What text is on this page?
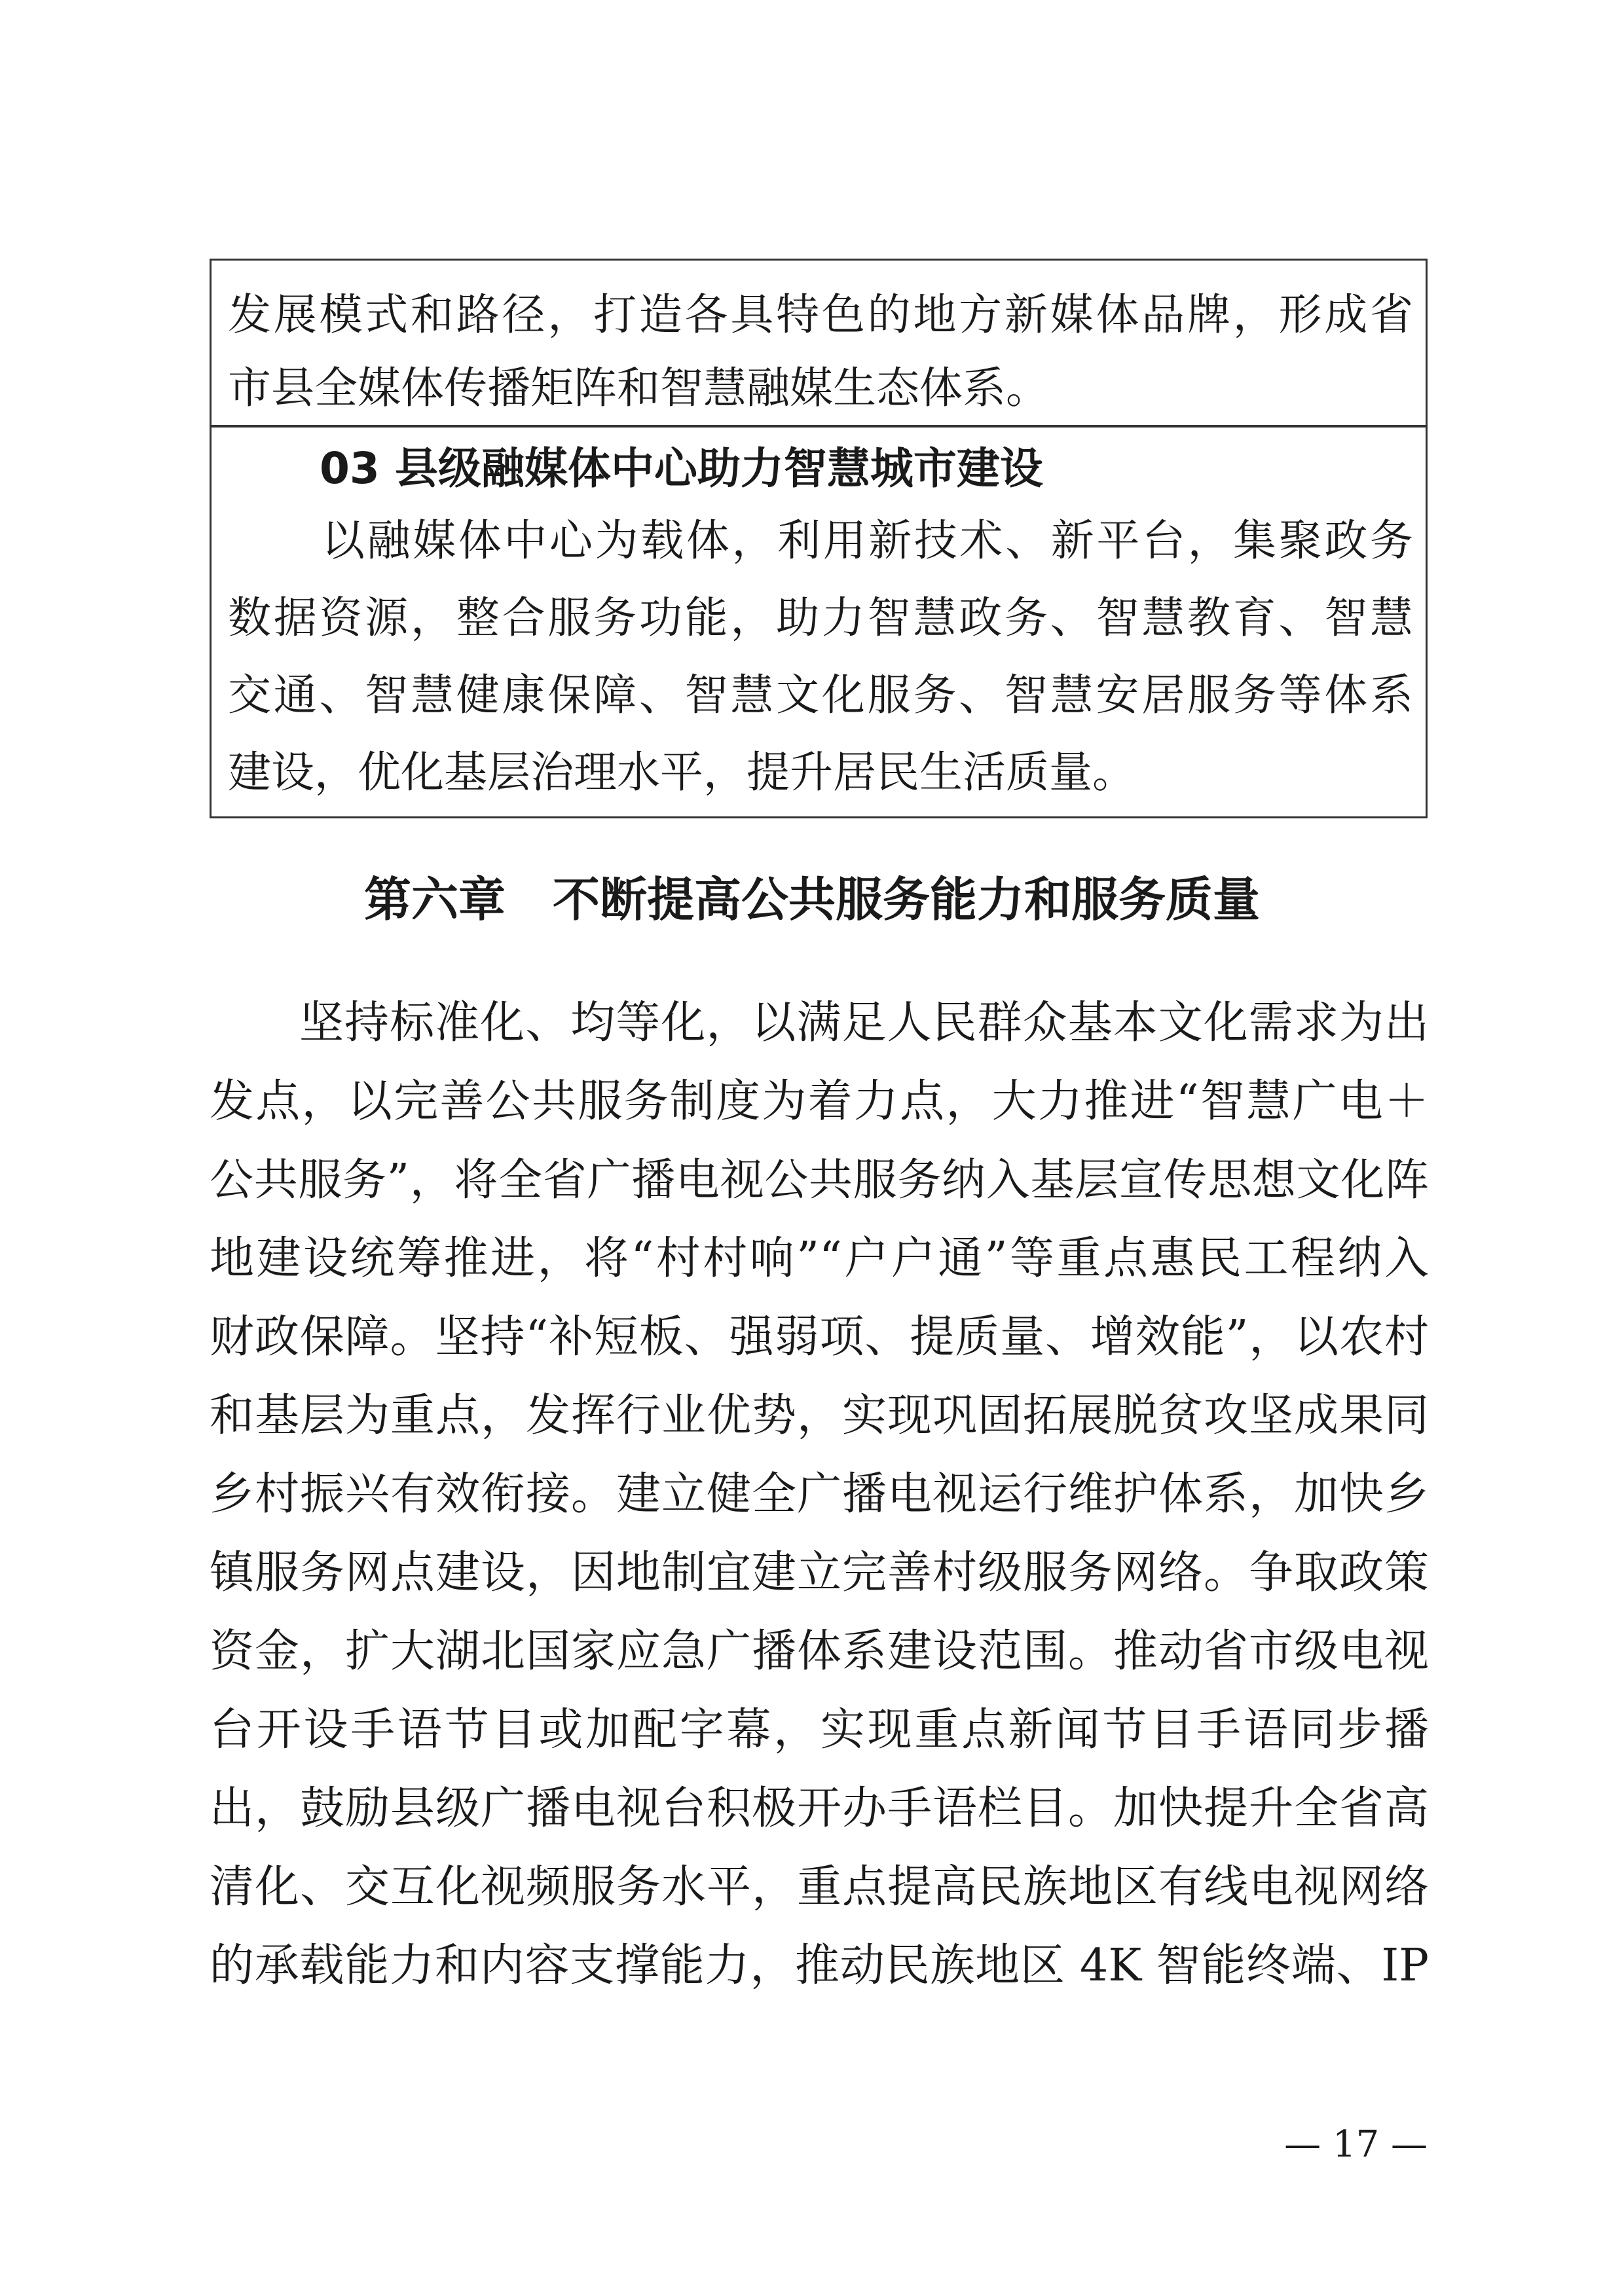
发展模式和路径，打造各具特色的地方新媒体品牌，形成省
市县全媒体传播矩阵和智慧融媒生态体系。
03 县级融媒体中心助力智慧城市建设
以融媒体中心为载体，利用新技术、新平台，集聚政务
数据资源，整合服务功能，助力智慧政务、智慧教育、智慧
交通、智慧健康保障、智慧文化服务、智慧安居服务等体系
建设，优化基层治理水平，提升居民生活质量。
第六章　不断提高公共服务能力和服务质量
坚持标准化、均等化，以满足人民群众基本文化需求为出
发点，以完善公共服务制度为着力点，大力推进“智慧广电＋
公共服务”，将全省广播电视公共服务纳入基层宣传思想文化阵
地建设统筹推进，将“村村响”“户户通”等重点惠民工程纳入
财政保障。坚持“补短板、强弱项、提质量、增效能”，以农村
和基层为重点，发挥行业优势，实现巩固拓展脱贫攻坚成果同
乡村振兴有效衔接。建立健全广播电视运行维护体系，加快乡
镇服务网点建设，因地制宜建立完善村级服务网络。争取政策
资金，扩大湖北国家应急广播体系建设范围。推动省市级电视
台开设手语节目或加配字幕，实现重点新闻节目手语同步播
出，鼓励县级广播电视台积极开办手语栏目。加快提升全省高
清化、交互化视频服务水平，重点提高民族地区有线电视网络
的承载能力和内容支撑能力，推动民族地区 4K 智能终端、IP
— 17 —
